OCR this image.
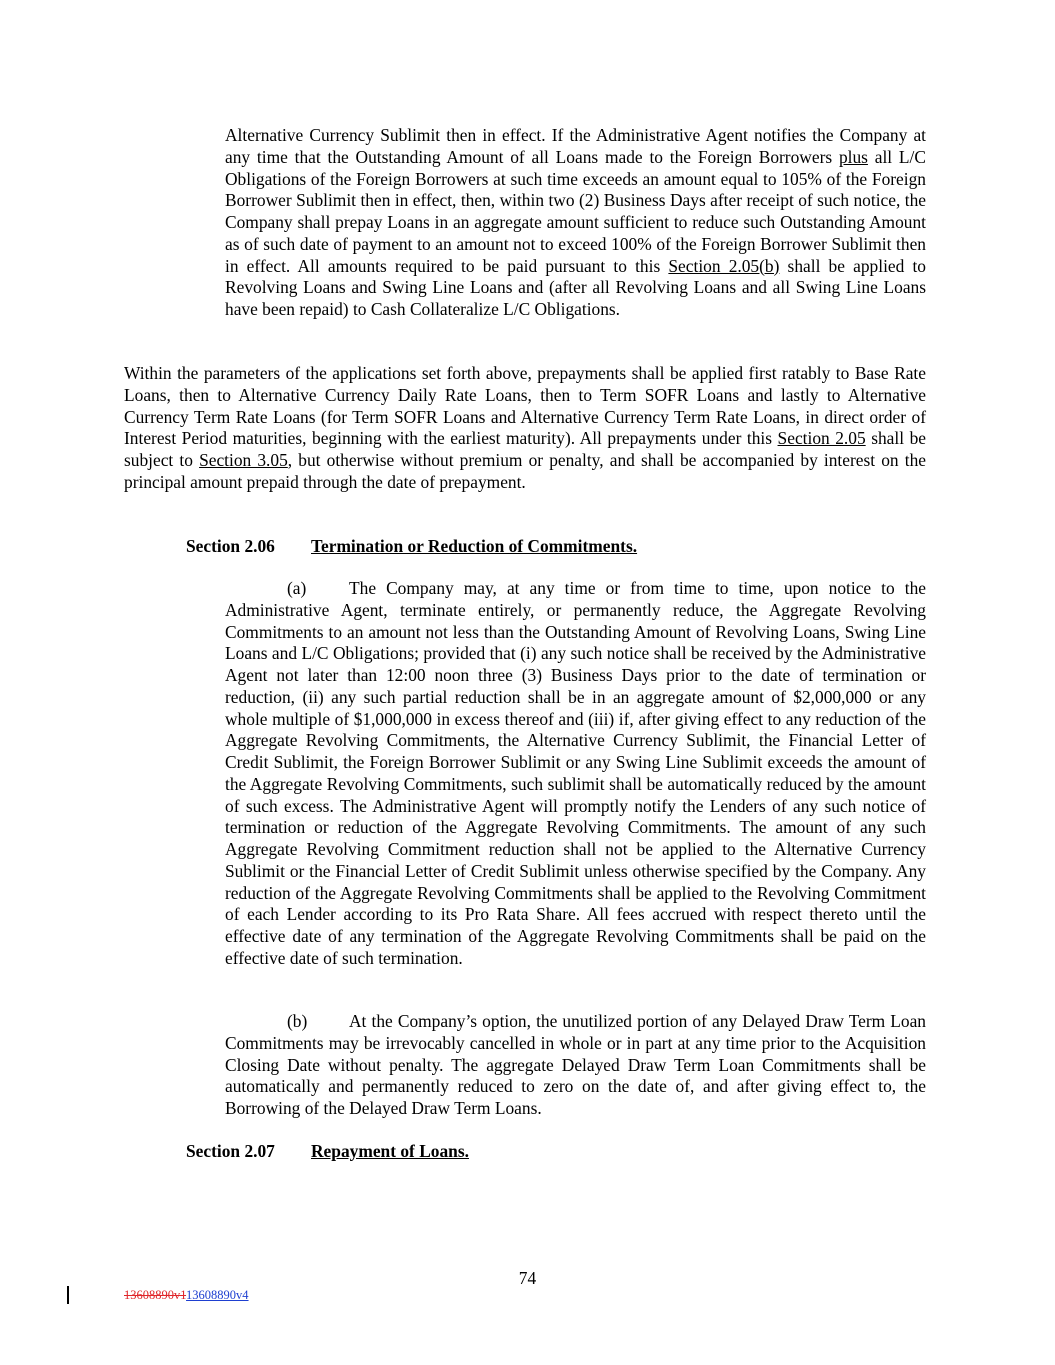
Alternative Currency Sublimit then in effect. If the Administrative Agent notifies the Company at any time that the Outstanding Amount of all Loans made to the Foreign Borrowers plus all L/C Obligations of the Foreign Borrowers at such time exceeds an amount equal to 105% of the Foreign Borrower Sublimit then in effect, then, within two (2) Business Days after receipt of such notice, the Company shall prepay Loans in an aggregate amount sufficient to reduce such Outstanding Amount as of such date of payment to an amount not to exceed 100% of the Foreign Borrower Sublimit then in effect. All amounts required to be paid pursuant to this Section 2.05(b) shall be applied to Revolving Loans and Swing Line Loans and (after all Revolving Loans and all Swing Line Loans have been repaid) to Cash Collateralize L/C Obligations.

Within the parameters of the applications set forth above, prepayments shall be applied first ratably to Base Rate Loans, then to Alternative Currency Daily Rate Loans, then to Term SOFR Loans and lastly to Alternative Currency Term Rate Loans (for Term SOFR Loans and Alternative Currency Term Rate Loans, in direct order of Interest Period maturities, beginning with the earliest maturity). All prepayments under this Section 2.05 shall be subject to Section 3.05, but otherwise without premium or penalty, and shall be accompanied by interest on the principal amount prepaid through the date of prepayment.

Section 2.06 Termination or Reduction of Commitments.

(a) The Company may, at any time or from time to time, upon notice to the Administrative Agent, terminate entirely, or permanently reduce, the Aggregate Revolving Commitments to an amount not less than the Outstanding Amount of Revolving Loans, Swing Line Loans and L/C Obligations; provided that (i) any such notice shall be received by the Administrative Agent not later than 12:00 noon three (3) Business Days prior to the date of termination or reduction, (ii) any such partial reduction shall be in an aggregate amount of $2,000,000 or any whole multiple of $1,000,000 in excess thereof and (iii) if, after giving effect to any reduction of the Aggregate Revolving Commitments, the Alternative Currency Sublimit, the Financial Letter of Credit Sublimit, the Foreign Borrower Sublimit or any Swing Line Sublimit exceeds the amount of the Aggregate Revolving Commitments, such sublimit shall be automatically reduced by the amount of such excess. The Administrative Agent will promptly notify the Lenders of any such notice of termination or reduction of the Aggregate Revolving Commitments. The amount of any such Aggregate Revolving Commitment reduction shall not be applied to the Alternative Currency Sublimit or the Financial Letter of Credit Sublimit unless otherwise specified by the Company. Any reduction of the Aggregate Revolving Commitments shall be applied to the Revolving Commitment of each Lender according to its Pro Rata Share. All fees accrued with respect thereto until the effective date of any termination of the Aggregate Revolving Commitments shall be paid on the effective date of such termination.

(b) At the Company’s option, the unutilized portion of any Delayed Draw Term Loan Commitments may be irrevocably cancelled in whole or in part at any time prior to the Acquisition Closing Date without penalty. The aggregate Delayed Draw Term Loan Commitments shall be automatically and permanently reduced to zero on the date of, and after giving effect to, the Borrowing of the Delayed Draw Term Loans.

Section 2.07 Repayment of Loans.
74
13608890v113608890v4
